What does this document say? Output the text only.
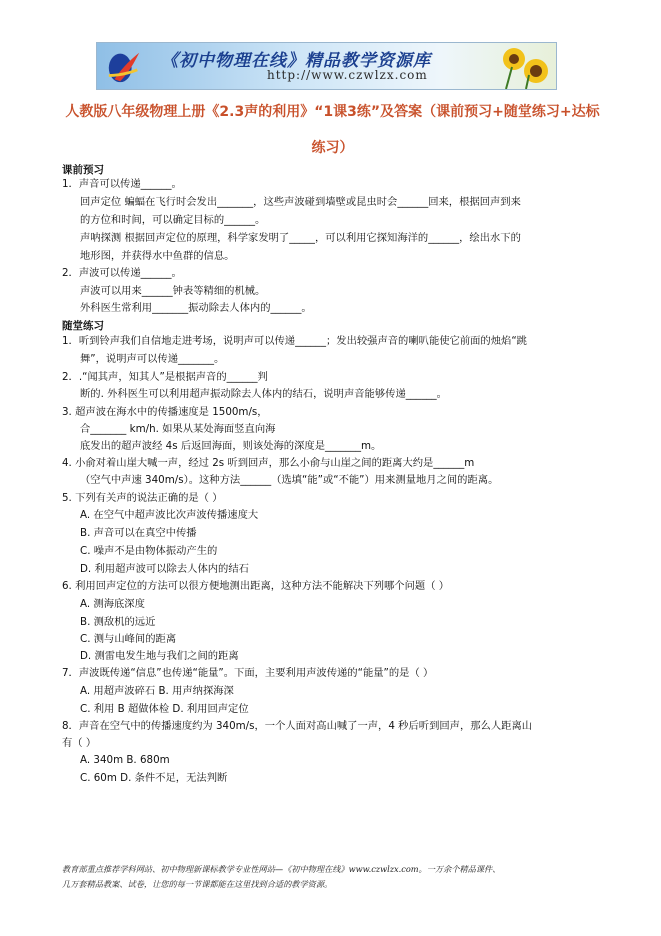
《初中物理在线》精品教学资源库
http://www.czwlzx.com
人教版八年级物理上册《2.3声的利用》“1课3练”及答案（课前预习+随堂练习+达标练习）
课前预习
1．声音可以传递______。
回声定位 蝙蝠在飞行时会发出_______，这些声波碰到墙壁或昆虫时会______回来，根据回声到来
的方位和时间，可以确定目标的______。
声呐探测 根据回声定位的原理，科学家发明了_____，可以利用它探知海洋的______，绘出水下的
地形图，并获得水中鱼群的信息。
2．声波可以传递______。
声波可以用来______钟表等精细的机械。
外科医生常利用_______振动除去人体内的______。
随堂练习
1．听到铃声我们自信地走进考场，说明声可以传递______；发出较强声音的喇叭能使它前面的烛焰“跳
舞”，说明声可以传递_______。
2．.“闻其声，知其人”是根据声音的______判
断的. 外科医生可以利用超声振动除去人体内的结石，说明声音能够传递______。
3. 超声波在海水中的传播速度是 1500m/s，
合_______ km/h. 如果从某处海面竖直向海
底发出的超声波经 4s 后返回海面，则该处海的深度是_______m。
4. 小俞对着山崖大喊一声，经过 2s 听到回声，那么小俞与山崖之间的距离大约是______m
（空气中声速 340m/s）。这种方法______（选填“能”或“不能”）用来测量地月之间的距离。
5. 下列有关声的说法正确的是（ ）
A. 在空气中超声波比次声波传播速度大
B. 声音可以在真空中传播
C. 噪声不是由物体振动产生的
D. 利用超声波可以除去人体内的结石
6. 利用回声定位的方法可以很方便地测出距离，这种方法不能解决下列哪个问题（ ）
A. 测海底深度
B. 测敌机的远近
C. 测与山峰间的距离
D. 测雷电发生地与我们之间的距离
7．声波既传递“信息”也传递“能量”。下面，主要利用声波传递的“能量”的是（ ）
A. 用超声波碎石 B. 用声纳探海深
C. 利用 B 超做体检 D. 利用回声定位
8．声音在空气中的传播速度约为 340m/s，一个人面对高山喊了一声，4 秒后听到回声，那么人距离山
有（ ）
A. 340m B. 680m
C. 60m D. 条件不足，无法判断
教育部重点推荐学科网站、初中物理新课标教学专业性网站—《初中物理在线》www.czwlzx.com。一万余个精品课件、
几万套精品教案、试卷，让您的每一节课都能在这里找到合适的教学资源。
